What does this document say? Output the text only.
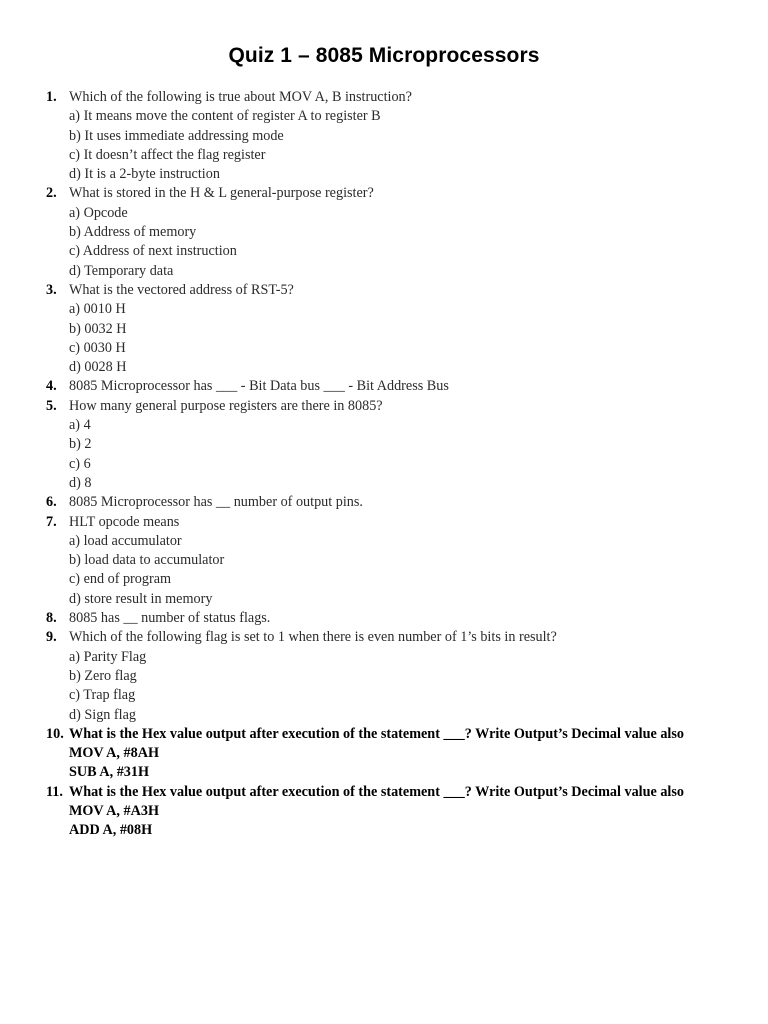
Quiz 1 – 8085 Microprocessors
1. Which of the following is true about MOV A, B instruction?
a) It means move the content of register A to register B
b) It uses immediate addressing mode
c) It doesn’t affect the flag register
d) It is a 2-byte instruction
2. What is stored in the H & L general-purpose register?
a) Opcode
b) Address of memory
c) Address of next instruction
d) Temporary data
3. What is the vectored address of RST-5?
a) 0010 H
b) 0032 H
c) 0030 H
d) 0028 H
4. 8085 Microprocessor has ___ - Bit Data bus ___ - Bit Address Bus
5. How many general purpose registers are there in 8085?
a) 4
b) 2
c) 6
d) 8
6. 8085 Microprocessor has __ number of output pins.
7. HLT opcode means
a) load accumulator
b) load data to accumulator
c) end of program
d) store result in memory
8. 8085 has __ number of status flags.
9. Which of the following flag is set to 1 when there is even number of 1’s bits in result?
a) Parity Flag
b) Zero flag
c) Trap flag
d) Sign flag
10. What is the Hex value output after execution of the statement ___? Write Output’s Decimal value also
MOV A, #8AH
SUB A, #31H
11. What is the Hex value output after execution of the statement ___? Write Output’s Decimal value also
MOV A, #A3H
ADD A, #08H
